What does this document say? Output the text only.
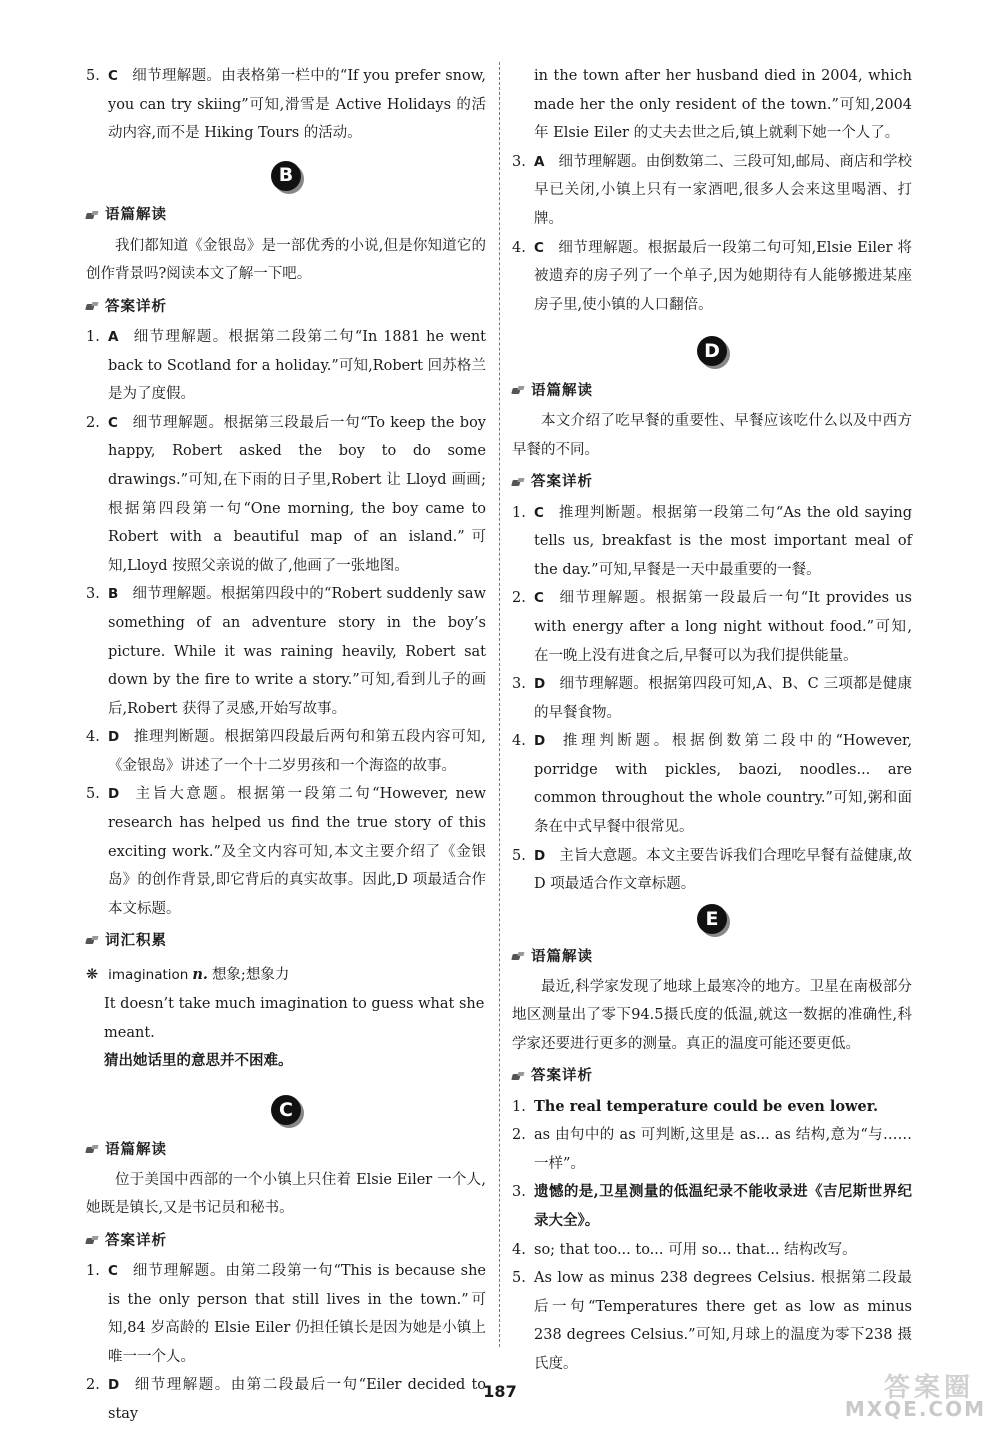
5. C 细节理解题。由表格第一栏中的“If you prefer snow, you can try skiing”可知,滑雪是 Active Holidays 的活动内容,而不是 Hiking Tours 的活动。
B
语篇解读

我们都知道《金银岛》是一部优秀的小说,但是你知道它的创作背景吗?阅读本文了解一下吧。

答案详析
1. A 细节理解题。根据第二段第二句“In 1881 he went back to Scotland for a holiday.”可知,Robert 回苏格兰是为了度假。
2. C 细节理解题。根据第三段最后一句“To keep the boy happy, Robert asked the boy to do some drawings.”可知,在下雨的日子里,Robert 让 Lloyd 画画;根据第四段第一句“One morning, the boy came to Robert with a beautiful map of an island.”可知,Lloyd 按照父亲说的做了,他画了一张地图。
3. B 细节理解题。根据第四段中的“Robert suddenly saw something of an adventure story in the boy’s picture. While it was raining heavily, Robert sat down by the fire to write a story.”可知,看到儿子的画后,Robert 获得了灵感,开始写故事。
4. D 推理判断题。根据第四段最后两句和第五段内容可知,《金银岛》讲述了一个十二岁男孩和一个海盗的故事。
5. D 主旨大意题。根据第一段第二句“However, new research has helped us find the true story of this exciting work.”及全文内容可知,本文主要介绍了《金银岛》的创作背景,即它背后的真实故事。因此,D 项最适合作本文标题。
词汇积累
❋ imagination n. 想象;想象力

It doesn’t take much imagination to guess what she meant.

猜出她话里的意思并不困难。

C
语篇解读

位于美国中西部的一个小镇上只住着 Elsie Eiler 一个人,她既是镇长,又是书记员和秘书。

答案详析
1. C 细节理解题。由第二段第一句“This is because she is the only person that still lives in the town.”可知,84 岁高龄的 Elsie Eiler 仍担任镇长是因为她是小镇上唯一一个人。
2. D 细节理解题。由第二段最后一句“Eiler decided to stay

in the town after her husband died in 2004, which made her the only resident of the town.”可知,2004 年 Elsie Eiler 的丈夫去世之后,镇上就剩下她一个人了。

3. A 细节理解题。由倒数第二、三段可知,邮局、商店和学校早已关闭,小镇上只有一家酒吧,很多人会来这里喝酒、打牌。
4. C 细节理解题。根据最后一段第二句可知,Elsie Eiler 将被遗弃的房子列了一个单子,因为她期待有人能够搬进某座房子里,使小镇的人口翻倍。
D
语篇解读

本文介绍了吃早餐的重要性、早餐应该吃什么以及中西方早餐的不同。

答案详析
1. C 推理判断题。根据第一段第二句“As the old saying tells us, breakfast is the most important meal of the day.”可知,早餐是一天中最重要的一餐。
2. C 细节理解题。根据第一段最后一句“It provides us with energy after a long night without food.”可知,在一晚上没有进食之后,早餐可以为我们提供能量。
3. D 细节理解题。根据第四段可知,A、B、C 三项都是健康的早餐食物。
4. D 推理判断题。根据倒数第二段中的“However, porridge with pickles, baozi, noodles... are common throughout the whole country.”可知,粥和面条在中式早餐中很常见。
5. D 主旨大意题。本文主要告诉我们合理吃早餐有益健康,故 D 项最适合作文章标题。
E
语篇解读

最近,科学家发现了地球上最寒冷的地方。卫星在南极部分地区测量出了零下94.5摄氏度的低温,就这一数据的准确性,科学家还要进行更多的测量。真正的温度可能还要更低。

答案详析
1. The real temperature could be even lower.
2. as 由句中的 as 可判断,这里是 as... as 结构,意为“与……一样”。
3. 遗憾的是,卫星测量的低温纪录不能收录进《吉尼斯世界纪录大全》。
4. so; that too... to... 可用 so... that... 结构改写。
5. As low as minus 238 degrees Celsius. 根据第二段最后一句“Temperatures there get as low as minus 238 degrees Celsius.”可知,月球上的温度为零下238 摄氏度。
187	答案圈
MXQE.COM
